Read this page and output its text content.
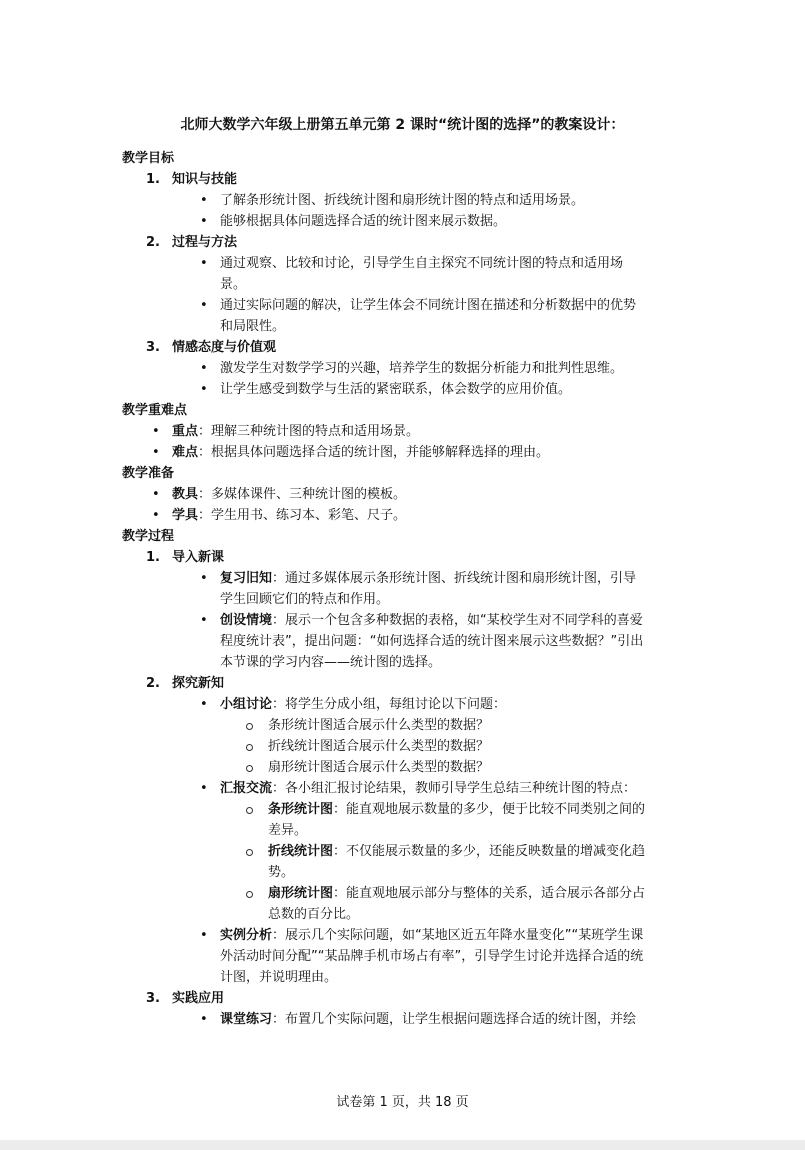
北师大数学六年级上册第五单元第 2 课时“统计图的选择”的教案设计：
教学目标
1. 知识与技能
• 了解条形统计图、折线统计图和扇形统计图的特点和适用场景。
• 能够根据具体问题选择合适的统计图来展示数据。
2. 过程与方法
• 通过观察、比较和讨论，引导学生自主探究不同统计图的特点和适用场
景。
• 通过实际问题的解决，让学生体会不同统计图在描述和分析数据中的优势
和局限性。
3. 情感态度与价值观
• 激发学生对数学学习的兴趣，培养学生的数据分析能力和批判性思维。
• 让学生感受到数学与生活的紧密联系，体会数学的应用价值。
教学重难点
• 重点：理解三种统计图的特点和适用场景。
• 难点：根据具体问题选择合适的统计图，并能够解释选择的理由。
教学准备
• 教具：多媒体课件、三种统计图的模板。
• 学具：学生用书、练习本、彩笔、尺子。
教学过程
1. 导入新课
• 复习旧知：通过多媒体展示条形统计图、折线统计图和扇形统计图，引导
学生回顾它们的特点和作用。
• 创设情境：展示一个包含多种数据的表格，如“某校学生对不同学科的喜爱
程度统计表”，提出问题：“如何选择合适的统计图来展示这些数据？”引出
本节课的学习内容——统计图的选择。
2. 探究新知
• 小组讨论：将学生分成小组，每组讨论以下问题：
条形统计图适合展示什么类型的数据？
折线统计图适合展示什么类型的数据？
扇形统计图适合展示什么类型的数据？
• 汇报交流：各小组汇报讨论结果，教师引导学生总结三种统计图的特点：
条形统计图：能直观地展示数量的多少，便于比较不同类别之间的
差异。
折线统计图：不仅能展示数量的多少，还能反映数量的增减变化趋
势。
扇形统计图：能直观地展示部分与整体的关系，适合展示各部分占
总数的百分比。
• 实例分析：展示几个实际问题，如“某地区近五年降水量变化”“某班学生课
外活动时间分配”“某品牌手机市场占有率”，引导学生讨论并选择合适的统
计图，并说明理由。
3. 实践应用
• 课堂练习：布置几个实际问题，让学生根据问题选择合适的统计图，并绘
试卷第 1 页，共 18 页
